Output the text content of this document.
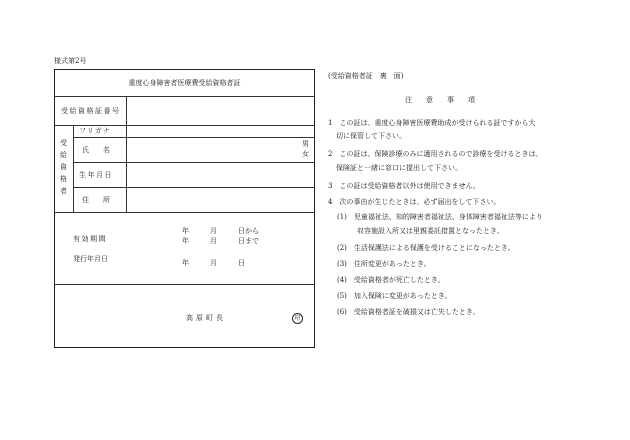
様式第2号
重度心身障害者医療費受給資格者証
受給資格証番号
受給資格者
フリガナ
氏　　名
生年月日
住　　所
男
女
有効期間
発行年月日
年　　　月　　　日から
年　　　月　　　日まで
年　　　月　　　日
高原町長	印
(受給資格者証　裏　面)
注　　意　　事　　項
1　この証は、重度心身障害医療費助成が受けられる証ですから大
切に保管して下さい。
2　この証は、保険診療のみに適用されるので診療を受けるときは、
保険証と一緒に窓口に提出して下さい。
3　この証は受給資格者以外は使用できません。
4　次の事由が生じたときは、必ず届出をして下さい。
(1)　児童福祉法、知的障害者福祉法、身体障害者福祉法等により
収容施設入所又は里親委託措置となったとき。
(2)　生活保護法による保護を受けることになったとき。
(3)　住所変更があったとき。
(4)　受給資格者が死亡したとき。
(5)　加入保険に変更があったとき。
(6)　受給資格者証を破損又は亡失したとき。
